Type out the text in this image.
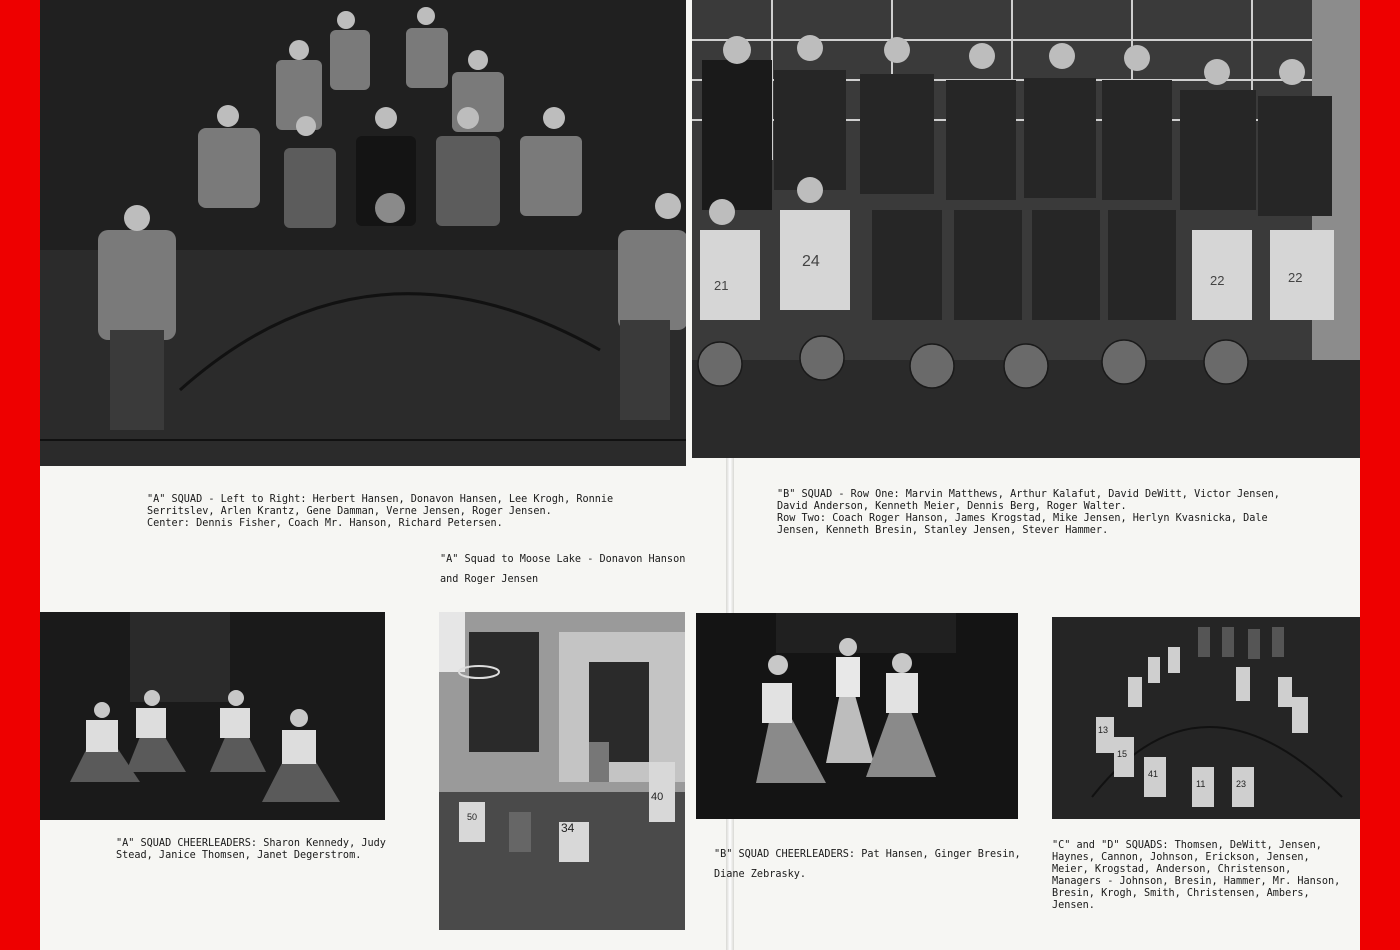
"A" SQUAD - Left to Right: Herbert Hansen, Donavon Hansen, Lee Krogh, Ronnie
Serritslev, Arlen Krantz, Gene Damman, Verne Jensen, Roger Jensen.
Center: Dennis Fisher, Coach Mr. Hanson, Richard Petersen.
"A" Squad to Moose Lake - Donavon Hanson
and Roger Jensen
"A" SQUAD CHEERLEADERS: Sharon Kennedy, Judy
Stead, Janice Thomsen, Janet Degerstrom.
50
34
40
21
24
22	22
"B" SQUAD - Row One: Marvin Matthews, Arthur Kalafut, David DeWitt, Victor Jensen,
David Anderson, Kenneth Meier, Dennis Berg, Roger Walter.
Row Two: Coach Roger Hanson, James Krogstad, Mike Jensen, Herlyn Kvasnicka, Dale
Jensen, Kenneth Bresin, Stanley Jensen, Stever Hammer.
"B" SQUAD CHEERLEADERS: Pat Hansen, Ginger Bresin,
Diane Zebrasky.
13
15
41
11	23
"C" and "D" SQUADS: Thomsen, DeWitt, Jensen,
Haynes, Cannon, Johnson, Erickson, Jensen,
Meier, Krogstad, Anderson, Christenson,
Managers - Johnson, Bresin, Hammer, Mr. Hanson,
Bresin, Krogh, Smith, Christensen, Ambers, Jensen.
